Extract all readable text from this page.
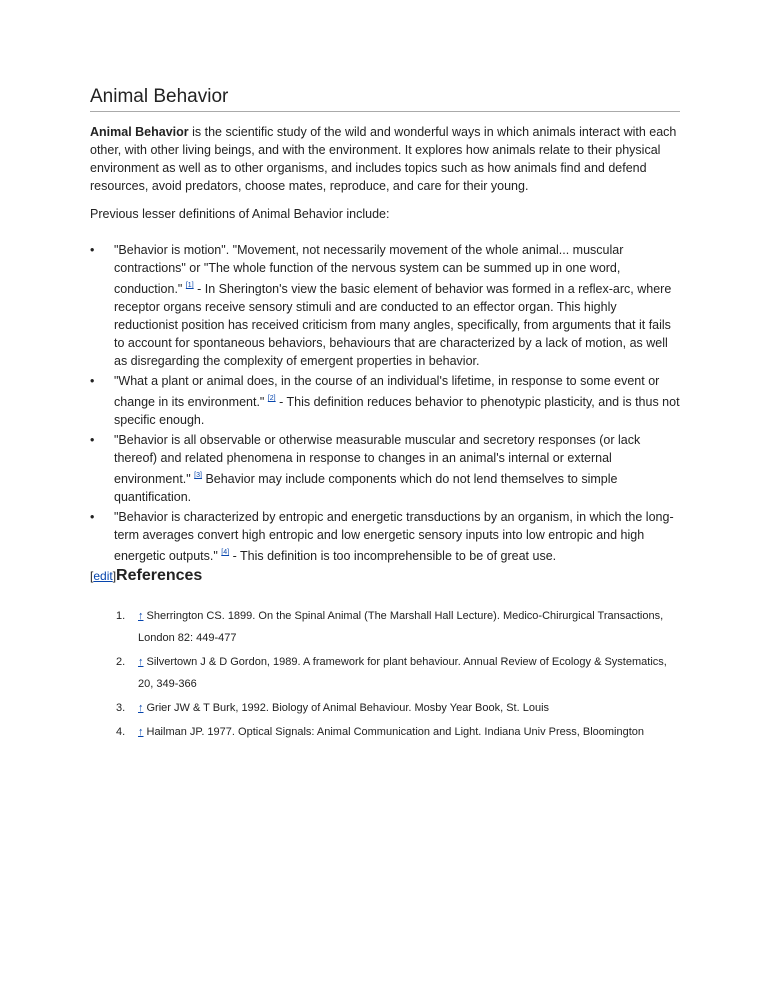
Animal Behavior

Animal Behavior is the scientific study of the wild and wonderful ways in which animals interact with each other, with other living beings, and with the environment. It explores how animals relate to their physical environment as well as to other organisms, and includes topics such as how animals find and defend resources, avoid predators, choose mates, reproduce, and care for their young.

Previous lesser definitions of Animal Behavior include:

• "Behavior is motion". "Movement, not necessarily movement of the whole animal... muscular contractions" or "The whole function of the nervous system can be summed up in one word, conduction." [1] - In Sherington's view the basic element of behavior was formed in a reflex-arc, where receptor organs receive sensory stimuli and are conducted to an effector organ. This highly reductionist position has received criticism from many angles, specifically, from arguments that it fails to account for spontaneous behaviors, behaviours that are characterized by a lack of motion, as well as disregarding the complexity of emergent properties in behavior.
• "What a plant or animal does, in the course of an individual's lifetime, in response to some event or change in its environment." [2] - This definition reduces behavior to phenotypic plasticity, and is thus not specific enough.
• "Behavior is all observable or otherwise measurable muscular and secretory responses (or lack thereof) and related phenomena in response to changes in an animal's internal or external environment." [3] Behavior may include components which do not lend themselves to simple quantification.
• "Behavior is characterized by entropic and energetic transductions by an organism, in which the long-term averages convert high entropic and low energetic sensory inputs into low entropic and high energetic outputs." [4] - This definition is too incomprehensible to be of great use.
[edit]References
1. ↑ Sherrington CS. 1899. On the Spinal Animal (The Marshall Hall Lecture). Medico-Chirurgical Transactions, London 82: 449-477
2. ↑ Silvertown J & D Gordon, 1989. A framework for plant behaviour. Annual Review of Ecology & Systematics, 20, 349-366
3. ↑ Grier JW & T Burk, 1992. Biology of Animal Behaviour. Mosby Year Book, St. Louis
4. ↑ Hailman JP. 1977. Optical Signals: Animal Communication and Light. Indiana Univ Press, Bloomington
